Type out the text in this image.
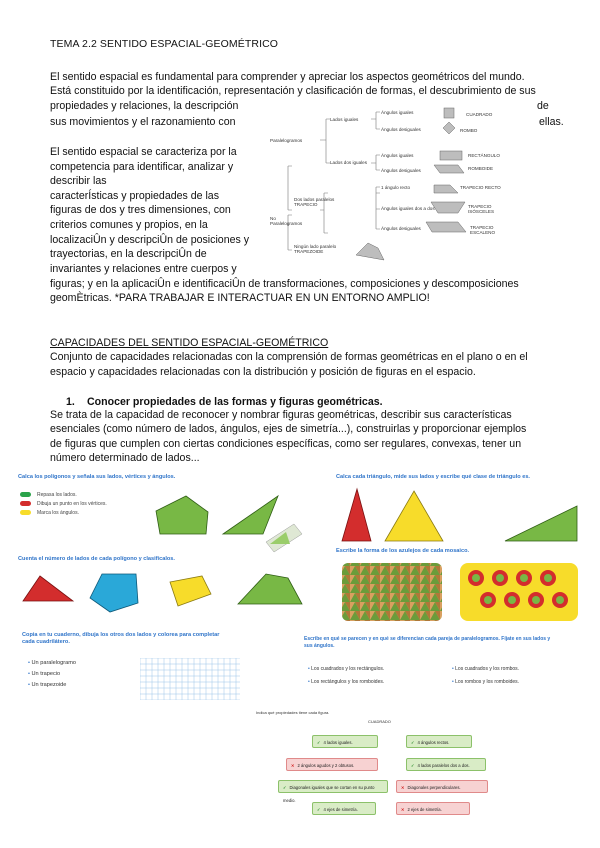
TEMA 2.2 SENTIDO ESPACIAL-GEOMÉTRICO
El sentido espacial es fundamental para comprender y apreciar los aspectos geométricos del mundo.
Está constituido por la identificación, representación y clasificación de formas, el descubrimiento de sus
propiedades y relaciones, la descripción	de
sus movimientos y el razonamiento con	ellas.
El sentido espacial se caracteriza por la
competencia para identificar, analizar y
describir las
caracterÍsticas y propiedades de las
figuras de dos y tres dimensiones, con
criterios comunes y propios, en la
localizaciÛn y descripciÛn de posiciones y
trayectorias, en la descripciÛn de
invariantes y relaciones entre cuerpos y
figuras; y en la aplicaciÛn e identificaciÛn de transformaciones, composiciones y descomposiciones
geomÈtricas. *PARA TRABAJAR E INTERACTUAR EN UN ENTORNO AMPLIO!
Paralelogramos
No
Paralelogramos
Lados iguales
Lados dos iguales
Dos lados paralelos
TRAPECIO
Ningún lado paralelo
TRAPEZOIDE
Ángulos iguales
Ángulos desiguales
Ángulos iguales
Ángulos desiguales
1 ángulo recto
Ángulos iguales dos a dos
Ángulos desiguales
CUADRADO
ROMBO
RECTÁNGULO
ROMBOIDE
TRAPECIO RECTO
TRAPECIO
ISÓSCELES
TRAPECIO
ESCALENO
CAPACIDADES DEL SENTIDO ESPACIAL-GEOMÉTRICO
Conjunto de capacidades relacionadas con la comprensión de formas geométricas en el plano o en el
espacio y capacidades relacionadas con la distribución y posición de figuras en el espacio.
1. Conocer propiedades de las formas y figuras geométricas.
Se trata de la capacidad de reconocer y nombrar figuras geométricas, describir sus características
esenciales (como número de lados, ángulos, ejes de simetría...), construirlas y proporcionar ejemplos
de figuras que cumplen con ciertas condiciones específicas, como ser regulares, convexas, tener un
número determinado de lados...
Calca los polígonos y señala sus lados, vértices y ángulos.
Repasa los lados.
Dibuja un punto en los vértices.
Marca los ángulos.
Calca cada triángulo, mide sus lados y escribe qué clase de triángulo es.
Cuenta el número de lados de cada polígono y clasifícalos.
Escribe la forma de los azulejos de cada mosaico.
Copia en tu cuaderno, dibuja los otros dos lados y colorea para completar cada cuadrilátero.
• Un paralelogramo
• Un trapecio
• Un trapezoide
Escribe en qué se parecen y en qué se diferencian cada pareja de paralelogramos. Fíjate en sus lados y sus ángulos.
• Los cuadrados y los rectángulos.	• Los cuadrados y los rombos.
• Los rectángulos y los romboides.	• Los rombos y los romboides.
Indica qué propiedades tiene cada figura.
CUADRADO
✓ 4 lados iguales.	✓ 4 ángulos rectos.
✕ 2 ángulos agudos y 2 obtusos.	✓ 4 lados paralelos dos a dos.
✓ Diagonales iguales que se cortan en su punto medio.
✕ Diagonales perpendiculares.
✓ 4 ejes de simetría.	✕ 2 ejes de simetría.
